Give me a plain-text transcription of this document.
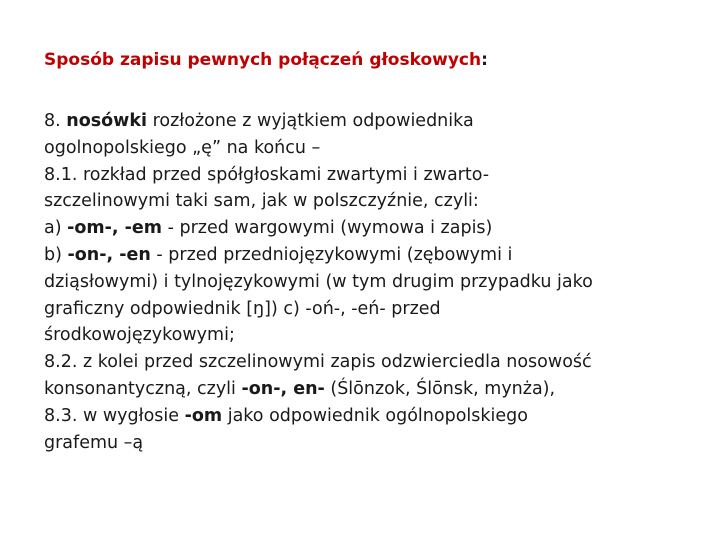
Sposób zapisu pewnych połączeń głoskowych:
8. nosówki rozłożone z wyjątkiem odpowiednika
ogolnopolskiego „ę” na końcu –
8.1. rozkład przed spółgłoskami zwartymi i zwarto-
szczelinowymi taki sam, jak w polszczyźnie, czyli:
a) -om-, -em - przed wargowymi (wymowa i zapis)
b) -on-, -en - przed przedniojęzykowymi (zębowymi i
dziąsłowymi) i tylnojęzykowymi (w tym drugim przypadku jako
graficzny odpowiednik [ŋ]) c) -oń-, -eń- przed
środkowojęzykowymi;
8.2. z kolei przed szczelinowymi zapis odzwierciedla nosowość
konsonantyczną, czyli -on-, en- (Ślōnzok, Ślōnsk, mynża),
8.3. w wygłosie -om jako odpowiednik ogólnopolskiego
grafemu –ą
